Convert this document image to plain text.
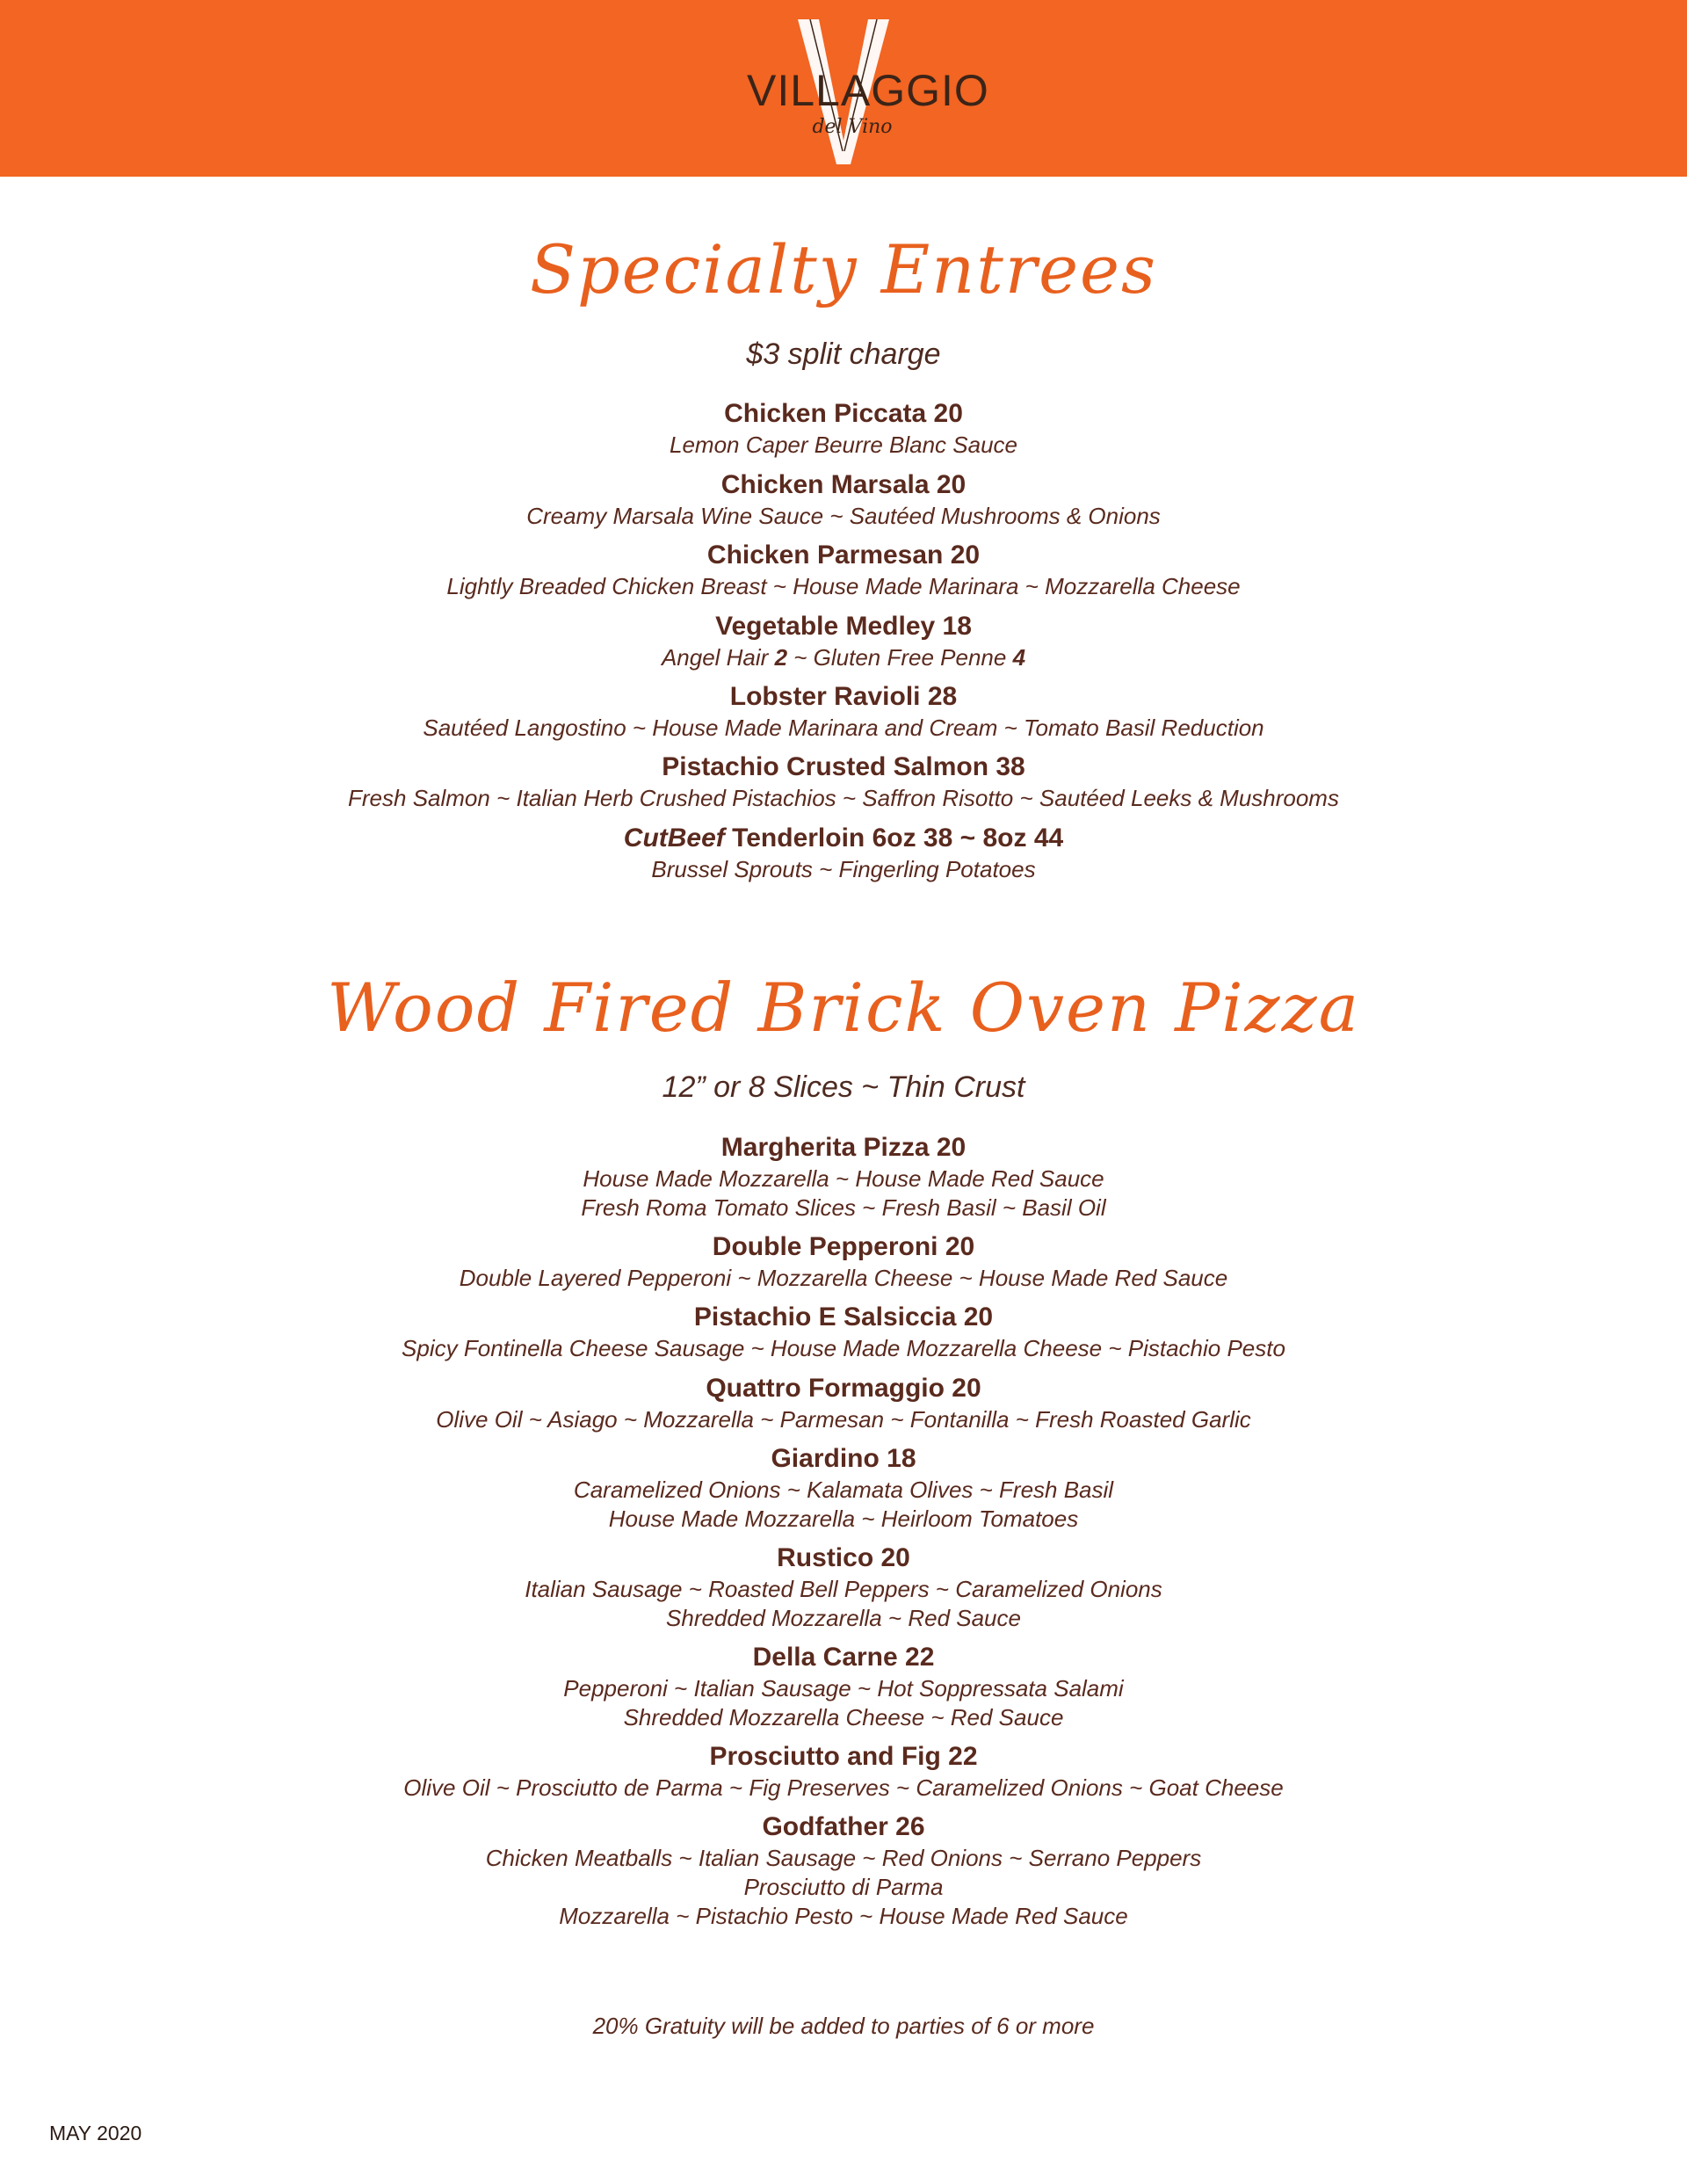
VILLAGGIO
del Vino
Specialty Entrees
$3 split charge
Chicken Piccata 20
Lemon Caper Beurre Blanc Sauce
Chicken Marsala 20
Creamy Marsala Wine Sauce ~ Sautéed Mushrooms & Onions
Chicken Parmesan 20
Lightly Breaded Chicken Breast ~ House Made Marinara ~ Mozzarella Cheese
Vegetable Medley 18
Angel Hair 2 ~ Gluten Free Penne 4
Lobster Ravioli 28
Sautéed Langostino ~ House Made Marinara and Cream ~ Tomato Basil Reduction
Pistachio Crusted Salmon 38
Fresh Salmon ~ Italian Herb Crushed Pistachios ~ Saffron Risotto ~ Sautéed Leeks & Mushrooms
CutBeef Tenderloin 6oz 38 ~ 8oz 44
Brussel Sprouts ~ Fingerling Potatoes
Wood Fired Brick Oven Pizza
12” or 8 Slices ~ Thin Crust
Margherita Pizza 20
House Made Mozzarella ~ House Made Red Sauce
Fresh Roma Tomato Slices ~ Fresh Basil ~ Basil Oil
Double Pepperoni 20
Double Layered Pepperoni ~ Mozzarella Cheese ~ House Made Red Sauce
Pistachio E Salsiccia 20
Spicy Fontinella Cheese Sausage ~ House Made Mozzarella Cheese ~ Pistachio Pesto
Quattro Formaggio 20
Olive Oil ~ Asiago ~ Mozzarella ~ Parmesan ~ Fontanilla ~ Fresh Roasted Garlic
Giardino 18
Caramelized Onions ~ Kalamata Olives ~ Fresh Basil
House Made Mozzarella ~ Heirloom Tomatoes
Rustico 20
Italian Sausage ~ Roasted Bell Peppers ~ Caramelized Onions
Shredded Mozzarella ~ Red Sauce
Della Carne 22
Pepperoni ~ Italian Sausage ~ Hot Soppressata Salami
Shredded Mozzarella Cheese ~ Red Sauce
Prosciutto and Fig 22
Olive Oil ~ Prosciutto de Parma ~ Fig Preserves ~ Caramelized Onions ~ Goat Cheese
Godfather 26
Chicken Meatballs ~ Italian Sausage ~ Red Onions ~ Serrano Peppers
Prosciutto di Parma
Mozzarella ~ Pistachio Pesto ~ House Made Red Sauce
20% Gratuity will be added to parties of 6 or more
MAY 2020
